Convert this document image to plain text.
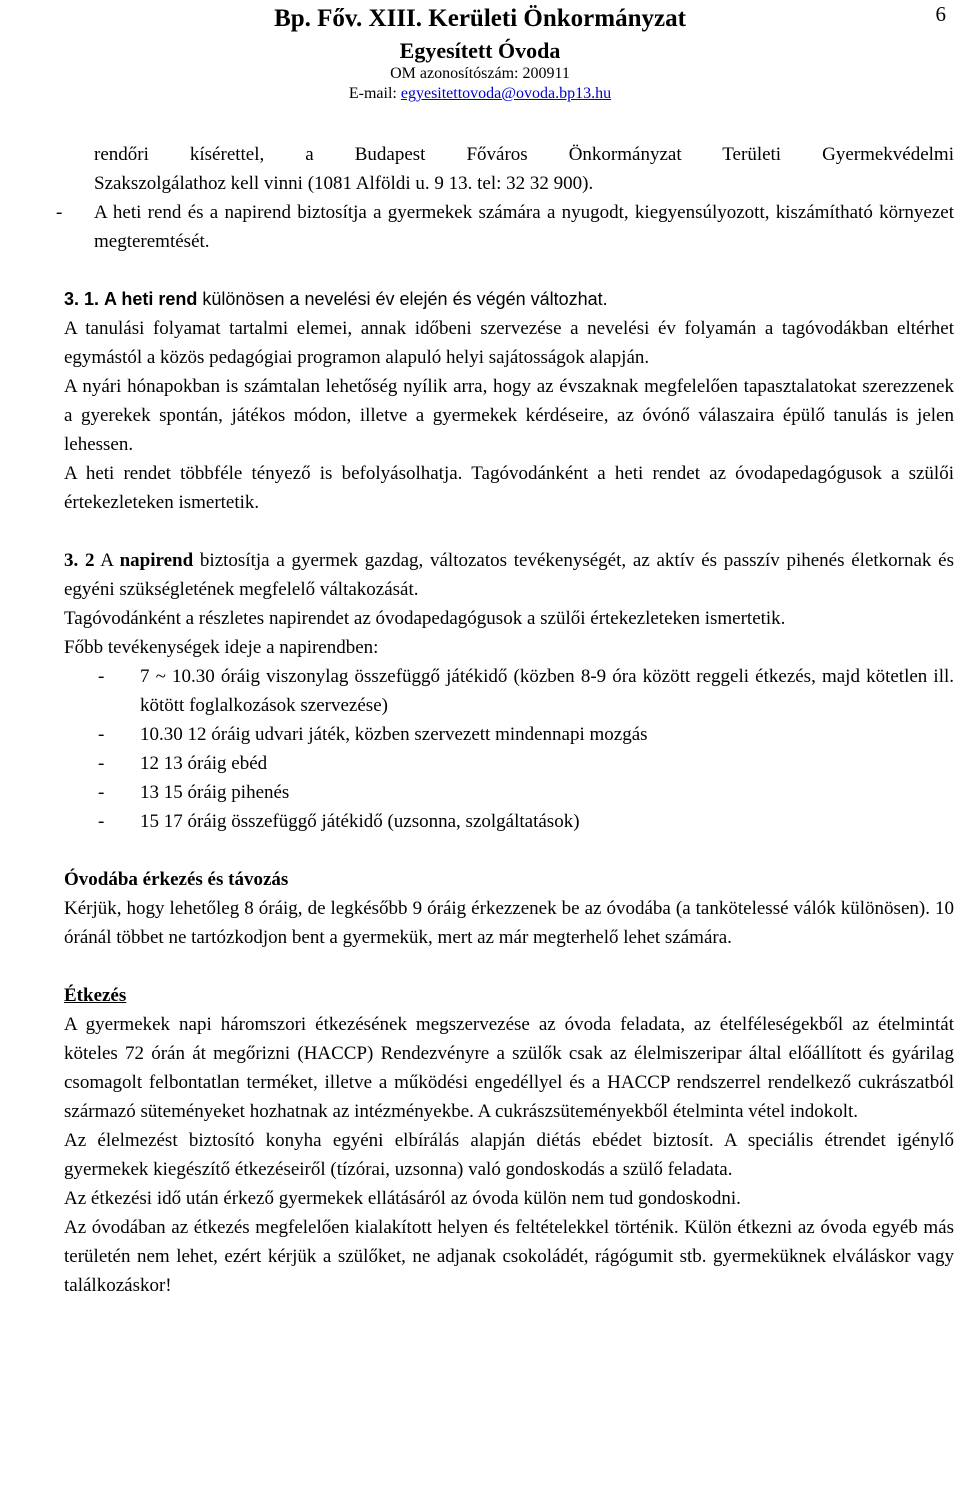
Bp. Főv. XIII. Kerületi Önkormányzat
Egyesített Óvoda
OM azonosítószám: 200911
E-mail: egyesitettovoda@ovoda.bp13.hu
6

rendőri kísérettel, a Budapest Főváros Önkormányzat Területi Gyermekvédelmi

Szakszolgálathoz kell vinni (1081 Alföldi u. 9 13. tel: 32 32 900).

-	A heti rend és a napirend biztosítja a gyermekek számára a nyugodt, kiegyensúlyozott, kiszámítható környezet megteremtését.

3. 1. A heti rend különösen a nevelési év elején és végén változhat.

A tanulási folyamat tartalmi elemei, annak időbeni szervezése a nevelési év folyamán a tagóvodákban eltérhet egymástól a közös pedagógiai programon alapuló helyi sajátosságok alapján.

A nyári hónapokban is számtalan lehetőség nyílik arra, hogy az évszaknak megfelelően tapasztalatokat szerezzenek a gyerekek spontán, játékos módon, illetve a gyermekek kérdéseire, az óvónő válaszaira épülő tanulás is jelen lehessen.

A heti rendet többféle tényező is befolyásolhatja. Tagóvodánként a heti rendet az óvodapedagógusok a szülői értekezleteken ismertetik.

3. 2 A napirend biztosítja a gyermek gazdag, változatos tevékenységét, az aktív és passzív pihenés életkornak és egyéni szükségletének megfelelő váltakozását.

Tagóvodánként a részletes napirendet az óvodapedagógusok a szülői értekezleteken ismertetik.

Főbb tevékenységek ideje a napirendben:

- 7 ~ 10.30 óráig viszonylag összefüggő játékidő (közben 8-9 óra között reggeli étkezés, majd kötetlen ill. kötött foglalkozások szervezése)

- 10.30 12 óráig udvari játék, közben szervezett mindennapi mozgás

- 12 13 óráig ebéd

- 13 15 óráig pihenés

- 15 17 óráig összefüggő játékidő (uzsonna, szolgáltatások)

Óvodába érkezés és távozás

Kérjük, hogy lehetőleg 8 óráig, de legkésőbb 9 óráig érkezzenek be az óvodába (a tankötelessé válók különösen). 10 óránál többet ne tartózkodjon bent a gyermekük, mert az már megterhelő lehet számára.

Étkezés

A gyermekek napi háromszori étkezésének megszervezése az óvoda feladata, az ételféleségekből az ételmintát köteles 72 órán át megőrizni (HACCP) Rendezvényre a szülők csak az élelmiszeripar által előállított és gyárilag csomagolt felbontatlan terméket, illetve a működési engedéllyel és a HACCP rendszerrel rendelkező cukrászatból származó süteményeket hozhatnak az intézményekbe. A cukrászsüteményekből ételminta vétel indokolt.

Az élelmezést biztosító konyha egyéni elbírálás alapján diétás ebédet biztosít. A speciális étrendet igénylő gyermekek kiegészítő étkezéseiről (tízórai, uzsonna) való gondoskodás a szülő feladata.

Az étkezési idő után érkező gyermekek ellátásáról az óvoda külön nem tud gondoskodni.

Az óvodában az étkezés megfelelően kialakított helyen és feltételekkel történik. Külön étkezni az óvoda egyéb más területén nem lehet, ezért kérjük a szülőket, ne adjanak csokoládét, rágógumit stb. gyermeküknek elváláskor vagy találkozáskor!
